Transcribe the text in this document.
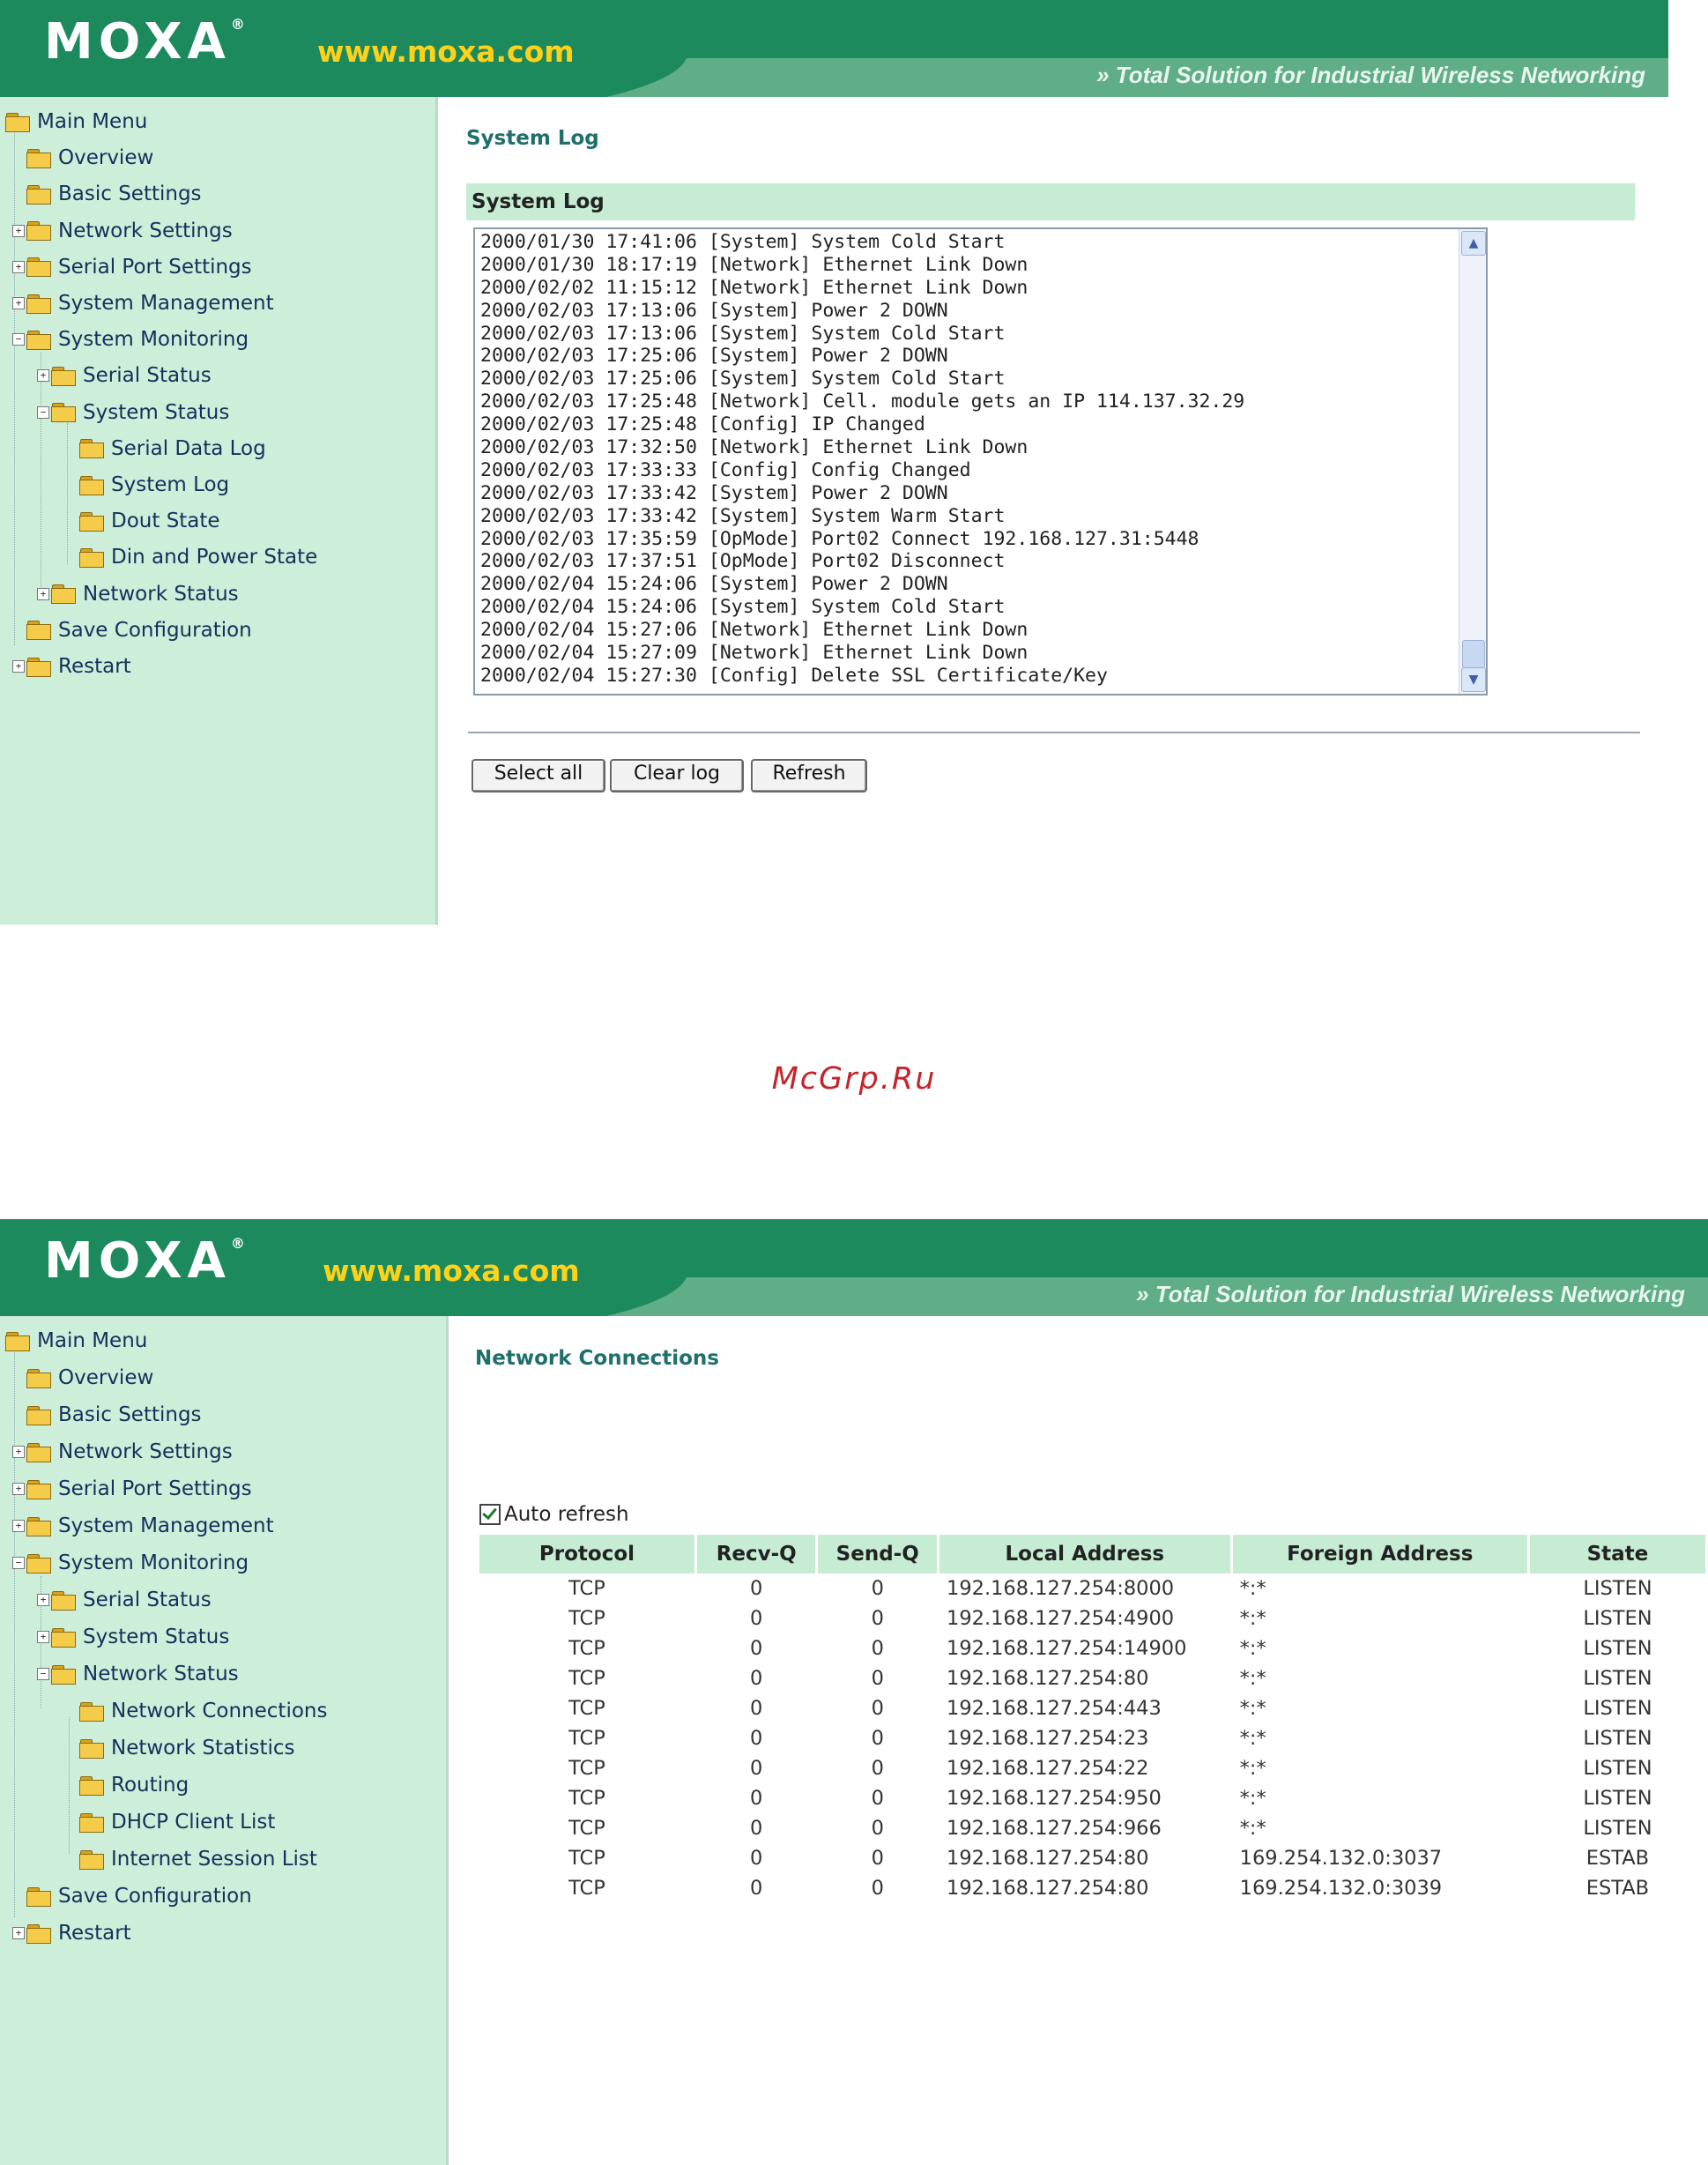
MOXA®
www.moxa.com
» Total Solution for Industrial Wireless Networking
Main Menu
Overview
Basic Settings
+ Network Settings
+ Serial Port Settings
+ System Management
− System Monitoring
+ Serial Status
− System Status
Serial Data Log
System Log
Dout State
Din and Power State
+ Network Status
Save Configuration
+ Restart
System Log
System Log
2000/01/30 17:41:06 [System] System Cold Start
2000/01/30 18:17:19 [Network] Ethernet Link Down
2000/02/02 11:15:12 [Network] Ethernet Link Down
2000/02/03 17:13:06 [System] Power 2 DOWN
2000/02/03 17:13:06 [System] System Cold Start
2000/02/03 17:25:06 [System] Power 2 DOWN
2000/02/03 17:25:06 [System] System Cold Start
2000/02/03 17:25:48 [Network] Cell. module gets an IP 114.137.32.29
2000/02/03 17:25:48 [Config] IP Changed
2000/02/03 17:32:50 [Network] Ethernet Link Down
2000/02/03 17:33:33 [Config] Config Changed
2000/02/03 17:33:42 [System] Power 2 DOWN
2000/02/03 17:33:42 [System] System Warm Start
2000/02/03 17:35:59 [OpMode] Port02 Connect 192.168.127.31:5448
2000/02/03 17:37:51 [OpMode] Port02 Disconnect
2000/02/04 15:24:06 [System] Power 2 DOWN
2000/02/04 15:24:06 [System] System Cold Start
2000/02/04 15:27:06 [Network] Ethernet Link Down
2000/02/04 15:27:09 [Network] Ethernet Link Down
2000/02/04 15:27:30 [Config] Delete SSL Certificate/Key
▲
▼
Select all	Clear log	Refresh
McGrp.Ru
MOXA®
www.moxa.com
» Total Solution for Industrial Wireless Networking
Main Menu
Overview
Basic Settings
+ Network Settings
+ Serial Port Settings
+ System Management
− System Monitoring
+ Serial Status
+ System Status
− Network Status
Network Connections
Network Statistics
Routing
DHCP Client List
Internet Session List
Save Configuration
+ Restart
Network Connections
Auto refresh
Protocol	Recv-Q	Send-Q	Local Address	Foreign Address	State
TCP	0	0	192.168.127.254:8000	*:*	LISTEN
TCP	0	0	192.168.127.254:4900	*:*	LISTEN
TCP	0	0	192.168.127.254:14900	*:*	LISTEN
TCP	0	0	192.168.127.254:80	*:*	LISTEN
TCP	0	0	192.168.127.254:443	*:*	LISTEN
TCP	0	0	192.168.127.254:23	*:*	LISTEN
TCP	0	0	192.168.127.254:22	*:*	LISTEN
TCP	0	0	192.168.127.254:950	*:*	LISTEN
TCP	0	0	192.168.127.254:966	*:*	LISTEN
TCP	0	0	192.168.127.254:80	169.254.132.0:3037	ESTAB
TCP	0	0	192.168.127.254:80	169.254.132.0:3039	ESTAB
